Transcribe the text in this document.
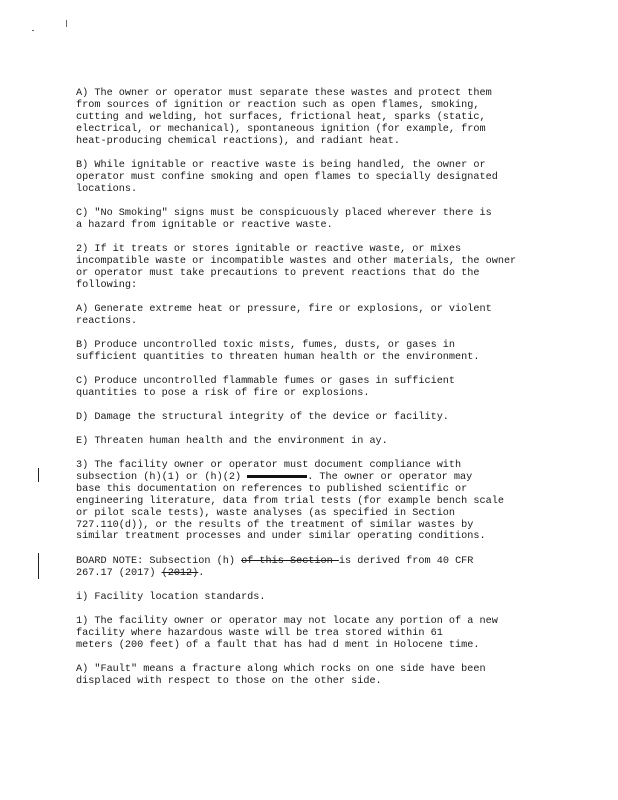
A) The owner or operator must separate these wastes and protect them
from sources of ignition or reaction such as open flames, smoking,
cutting and welding, hot surfaces, frictional heat, sparks (static,
electrical, or mechanical), spontaneous ignition (for example, from
heat-producing chemical reactions), and radiant heat.
B) While ignitable or reactive waste is being handled, the owner or
operator must confine smoking and open flames to specially designated
locations.
C) "No Smoking" signs must be conspicuously placed wherever there is
a hazard from ignitable or reactive waste.
2) If it treats or stores ignitable or reactive waste, or mixes
incompatible waste or incompatible wastes and other materials, the owner
or operator must take precautions to prevent reactions that do the
following:
A) Generate extreme heat or pressure, fire or explosions, or violent
reactions.
B) Produce uncontrolled toxic mists, fumes, dusts, or gases in
sufficient quantities to threaten human health or the environment.
C) Produce uncontrolled flammable fumes or gases in sufficient
quantities to pose a risk of fire or explosions.
D) Damage the structural integrity of the device or facility.
E) Threaten human health and the environment in ay.
3) The facility owner or operator must document compliance with
subsection (h)(1) or (h)(2)	. The owner or operator may
base this documentation on references to published scientific or
engineering literature, data from trial tests (for example bench scale
or pilot scale tests), waste analyses (as specified in Section
727.110(d)), or the results of the treatment of similar wastes by
similar treatment processes and under similar operating conditions.
BOARD NOTE: Subsection (h) of this Section is derived from 40 CFR
267.17 (2017) (2012).
i) Facility location standards.
1) The facility owner or operator may not locate any portion of a new
facility where hazardous waste will be trea stored within 61
meters (200 feet) of a fault that has had d ment in Holocene time.
A) "Fault" means a fracture along which rocks on one side have been
displaced with respect to those on the other side.
